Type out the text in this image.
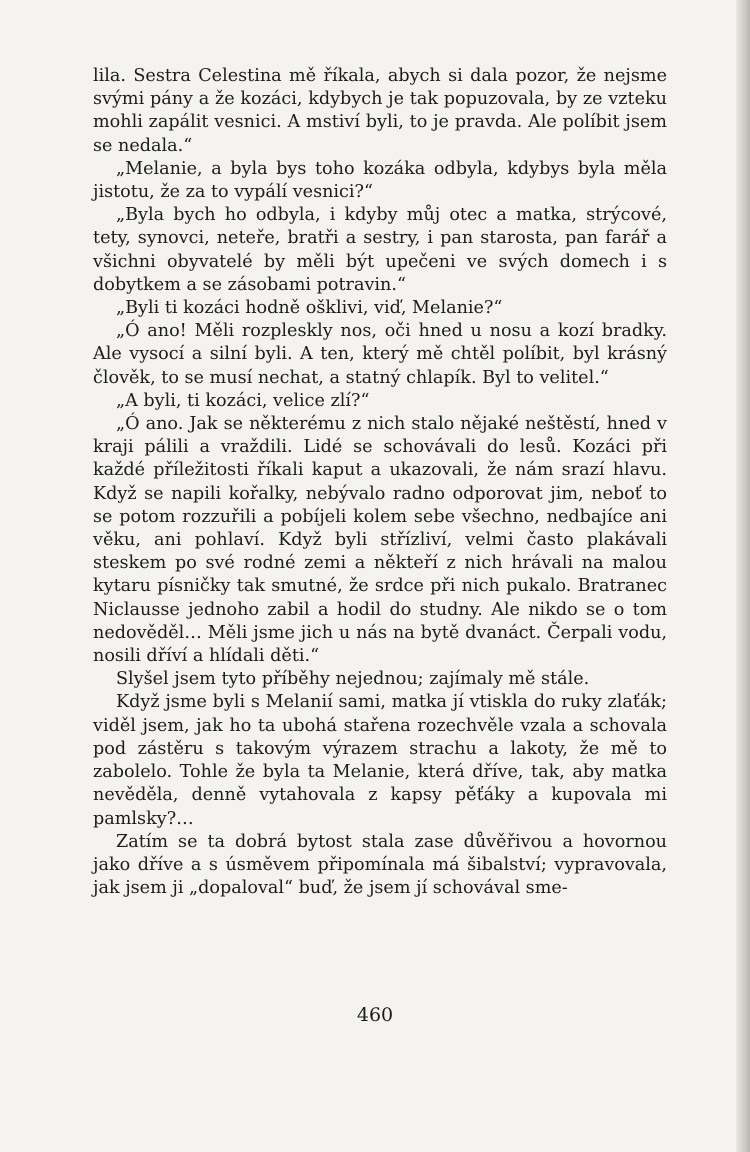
lila. Sestra Celestina mě říkala, abych si dala pozor, že nejsme svými pány a že kozáci, kdybych je tak popuzovala, by ze vzteku mohli zapálit vesnici. A mstiví byli, to je pravda. Ale políbit jsem se nedala.“

„Melanie, a byla bys toho kozáka odbyla, kdybys byla měla jistotu, že za to vypálí vesnici?“

„Byla bych ho odbyla, i kdyby můj otec a matka, strýcové, tety, synovci, neteře, bratři a sestry, i pan starosta, pan farář a všichni obyvatelé by měli být upečeni ve svých domech i s dobytkem a se zásobami potravin.“

„Byli ti kozáci hodně ošklivi, viď, Melanie?“

„Ó ano! Měli rozpleskly nos, oči hned u nosu a kozí bradky. Ale vysocí a silní byli. A ten, který mě chtěl políbit, byl krásný člověk, to se musí nechat, a statný chlapík. Byl to velitel.“

„A byli, ti kozáci, velice zlí?“

„Ó ano. Jak se některému z nich stalo nějaké neštěstí, hned v kraji pálili a vraždili. Lidé se schovávali do lesů. Kozáci při každé příležitosti říkali kaput a ukazovali, že nám srazí hlavu. Když se napili kořalky, nebývalo radno odporovat jim, neboť to se potom rozzuřili a pobíjeli kolem sebe všechno, nedbajíce ani věku, ani pohlaví. Když byli střízliví, velmi často plakávali steskem po své rodné zemi a někteří z nich hrávali na malou kytaru písničky tak smutné, že srdce při nich pukalo. Bratranec Niclausse jednoho zabil a hodil do studny. Ale nikdo se o tom nedověděl… Měli jsme jich u nás na bytě dvanáct. Čerpali vodu, nosili dříví a hlídali děti.“

Slyšel jsem tyto příběhy nejednou; zajímaly mě stále.

Když jsme byli s Melanií sami, matka jí vtiskla do ruky zlaťák; viděl jsem, jak ho ta ubohá stařena rozechvěle vzala a schovala pod zástěru s takovým výrazem strachu a lakoty, že mě to zabolelo. Tohle že byla ta Melanie, která dříve, tak, aby matka nevěděla, denně vytahovala z kapsy pěťáky a kupovala mi pamlsky?…

Zatím se ta dobrá bytost stala zase důvěřivou a hovornou jako dříve a s úsměvem připomínala má šibalství; vypravovala, jak jsem ji „dopaloval“ buď, že jsem jí schovával sme-

460
